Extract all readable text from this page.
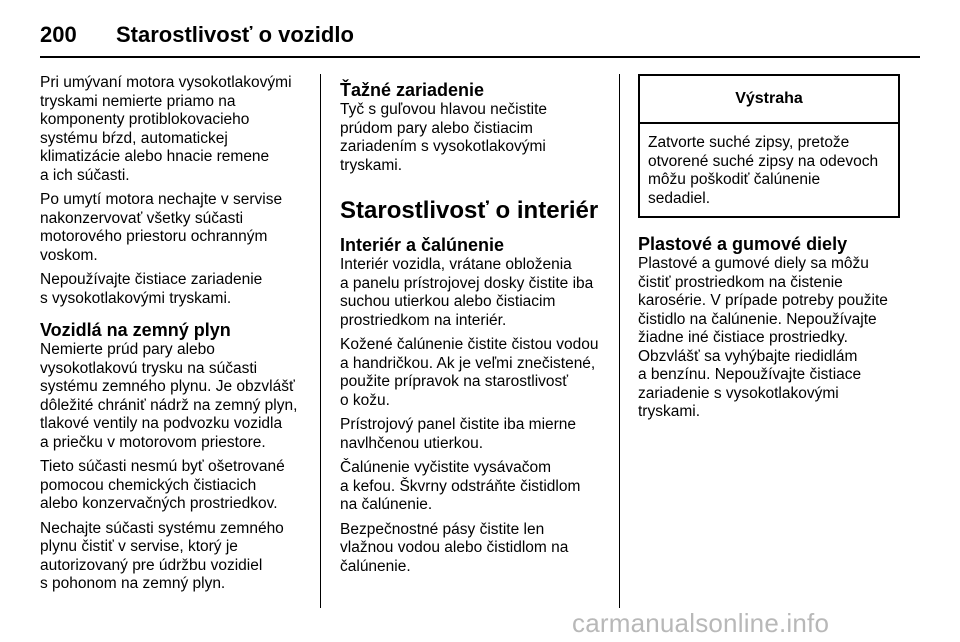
200 Starostlivosť o vozidlo

Pri umývaní motora vysokotlakovými
tryskami nemierte priamo na
komponenty protiblokovacieho
systému bŕzd, automatickej
klimatizácie alebo hnacie remene
a ich súčasti.

Po umytí motora nechajte v servise
nakonzervovať všetky súčasti
motorového priestoru ochranným
voskom.

Nepoužívajte čistiace zariadenie
s vysokotlakovými tryskami.

Vozidlá na zemný plyn

Nemierte prúd pary alebo
vysokotlakovú trysku na súčasti
systému zemného plynu. Je obzvlášť
dôležité chrániť nádrž na zemný plyn,
tlakové ventily na podvozku vozidla
a priečku v motorovom priestore.

Tieto súčasti nesmú byť ošetrované
pomocou chemických čistiacich
alebo konzervačných prostriedkov.

Nechajte súčasti systému zemného
plynu čistiť v servise, ktorý je
autorizovaný pre údržbu vozidiel
s pohonom na zemný plyn.

Ťažné zariadenie

Tyč s guľovou hlavou nečistite
prúdom pary alebo čistiacim
zariadením s vysokotlakovými
tryskami.

Starostlivosť o interiér
Interiér a čalúnenie

Interiér vozidla, vrátane obloženia
a panelu prístrojovej dosky čistite iba
suchou utierkou alebo čistiacim
prostriedkom na interiér.

Kožené čalúnenie čistite čistou vodou
a handričkou. Ak je veľmi znečistené,
použite prípravok na starostlivosť
o kožu.

Prístrojový panel čistite iba mierne
navlhčenou utierkou.

Čalúnenie vyčistite vysávačom
a kefou. Škvrny odstráňte čistidlom
na čalúnenie.

Bezpečnostné pásy čistite len
vlažnou vodou alebo čistidlom na
čalúnenie.

Výstraha
Zatvorte suché zipsy, pretože
otvorené suché zipsy na odevoch
môžu poškodiť čalúnenie
sedadiel.
Plastové a gumové diely

Plastové a gumové diely sa môžu
čistiť prostriedkom na čistenie
karosérie. V prípade potreby použite
čistidlo na čalúnenie. Nepoužívajte
žiadne iné čistiace prostriedky.
Obzvlášť sa vyhýbajte riedidlám
a benzínu. Nepoužívajte čistiace
zariadenie s vysokotlakovými
tryskami.

carmanualsonline.info
